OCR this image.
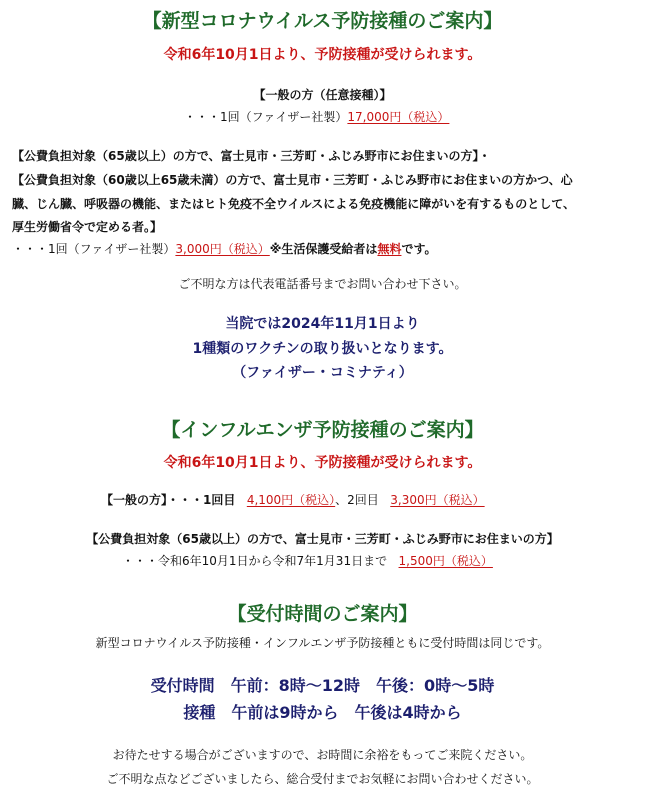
【新型コロナウイルス予防接種のご案内】
令和6年10月1日より、予防接種が受けられます。
【一般の方（任意接種）】
・・・1回（ファイザー社製）17,000円（税込）
【公費負担対象（65歳以上）の方で、富士見市・三芳町・ふじみ野市にお住まいの方】・
【公費負担対象（60歳以上65歳未満）の方で、富士見市・三芳町・ふじみ野市にお住まいの方かつ、心
臓、じん臓、呼吸器の機能、またはヒト免疫不全ウイルスによる免疫機能に障がいを有するものとして、
厚生労働省令で定める者。】
・・・1回（ファイザー社製）3,000円（税込）※生活保護受給者は無料です。
ご不明な方は代表電話番号までお問い合わせ下さい。
当院では2024年11月1日より
1種類のワクチンの取り扱いとなります。
（ファイザー・コミナティ）
【インフルエンザ予防接種のご案内】
令和6年10月1日より、予防接種が受けられます。
【一般の方】・・・1回目 4,100円（税込）、2回目 3,300円（税込）
【公費負担対象（65歳以上）の方で、富士見市・三芳町・ふじみ野市にお住まいの方】
・・・令和6年10月1日から令和7年1月31日まで 1,500円（税込）
【受付時間のご案内】
新型コロナウイルス予防接種・インフルエンザ予防接種ともに受付時間は同じです。
受付時間　午前：8時〜12時　午後：0時〜5時
接種　午前は9時から　午後は4時から
お待たせする場合がございますので、お時間に余裕をもってご来院ください。
ご不明な点などございましたら、総合受付までお気軽にお問い合わせください。
